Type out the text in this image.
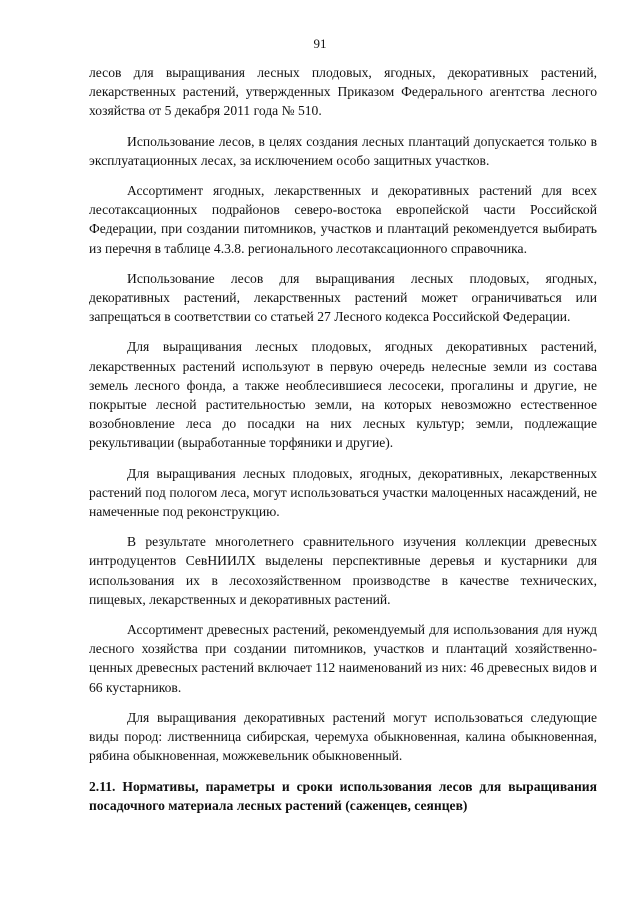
91

лесов для выращивания лесных плодовых, ягодных, декоративных растений, лекарственных растений, утвержденных Приказом Федерального агентства лесного хозяйства от 5 декабря 2011 года № 510.

Использование лесов, в целях создания лесных плантаций допускается только в эксплуатационных лесах, за исключением особо защитных участков.

Ассортимент ягодных, лекарственных и декоративных растений для всех лесотаксационных подрайонов северо-востока европейской части Российской Федерации, при создании питомников, участков и плантаций рекомендуется выбирать из перечня в таблице 4.3.8. регионального лесотаксационного справочника.

Использование лесов для выращивания лесных плодовых, ягодных, декоративных растений, лекарственных растений может ограничиваться или запрещаться в соответствии со статьей 27 Лесного кодекса Российской Федерации.

Для выращивания лесных плодовых, ягодных декоративных растений, лекарственных растений используют в первую очередь нелесные земли из состава земель лесного фонда, а также необлесившиеся лесосеки, прогалины и другие, не покрытые лесной растительностью земли, на которых невозможно естественное возобновление леса до посадки на них лесных культур; земли, подлежащие рекультивации (выработанные торфяники и другие).

Для выращивания лесных плодовых, ягодных, декоративных, лекарственных растений под пологом леса, могут использоваться участки малоценных насаждений, не намеченные под реконструкцию.

В результате многолетнего сравнительного изучения коллекции древесных интродуцентов СевНИИЛХ выделены перспективные деревья и кустарники для использования их в лесохозяйственном производстве в качестве технических, пищевых, лекарственных и декоративных растений.

Ассортимент древесных растений, рекомендуемый для использования для нужд лесного хозяйства при создании питомников, участков и плантаций хозяйственно-ценных древесных растений включает 112 наименований из них: 46 древесных видов и 66 кустарников.

Для выращивания декоративных растений могут использоваться следующие виды пород: лиственница сибирская, черемуха обыкновенная, калина обыкновенная, рябина обыкновенная, можжевельник обыкновенный.

2.11. Нормативы, параметры и сроки использования лесов для выращивания посадочного материала лесных растений (саженцев, сеянцев)
